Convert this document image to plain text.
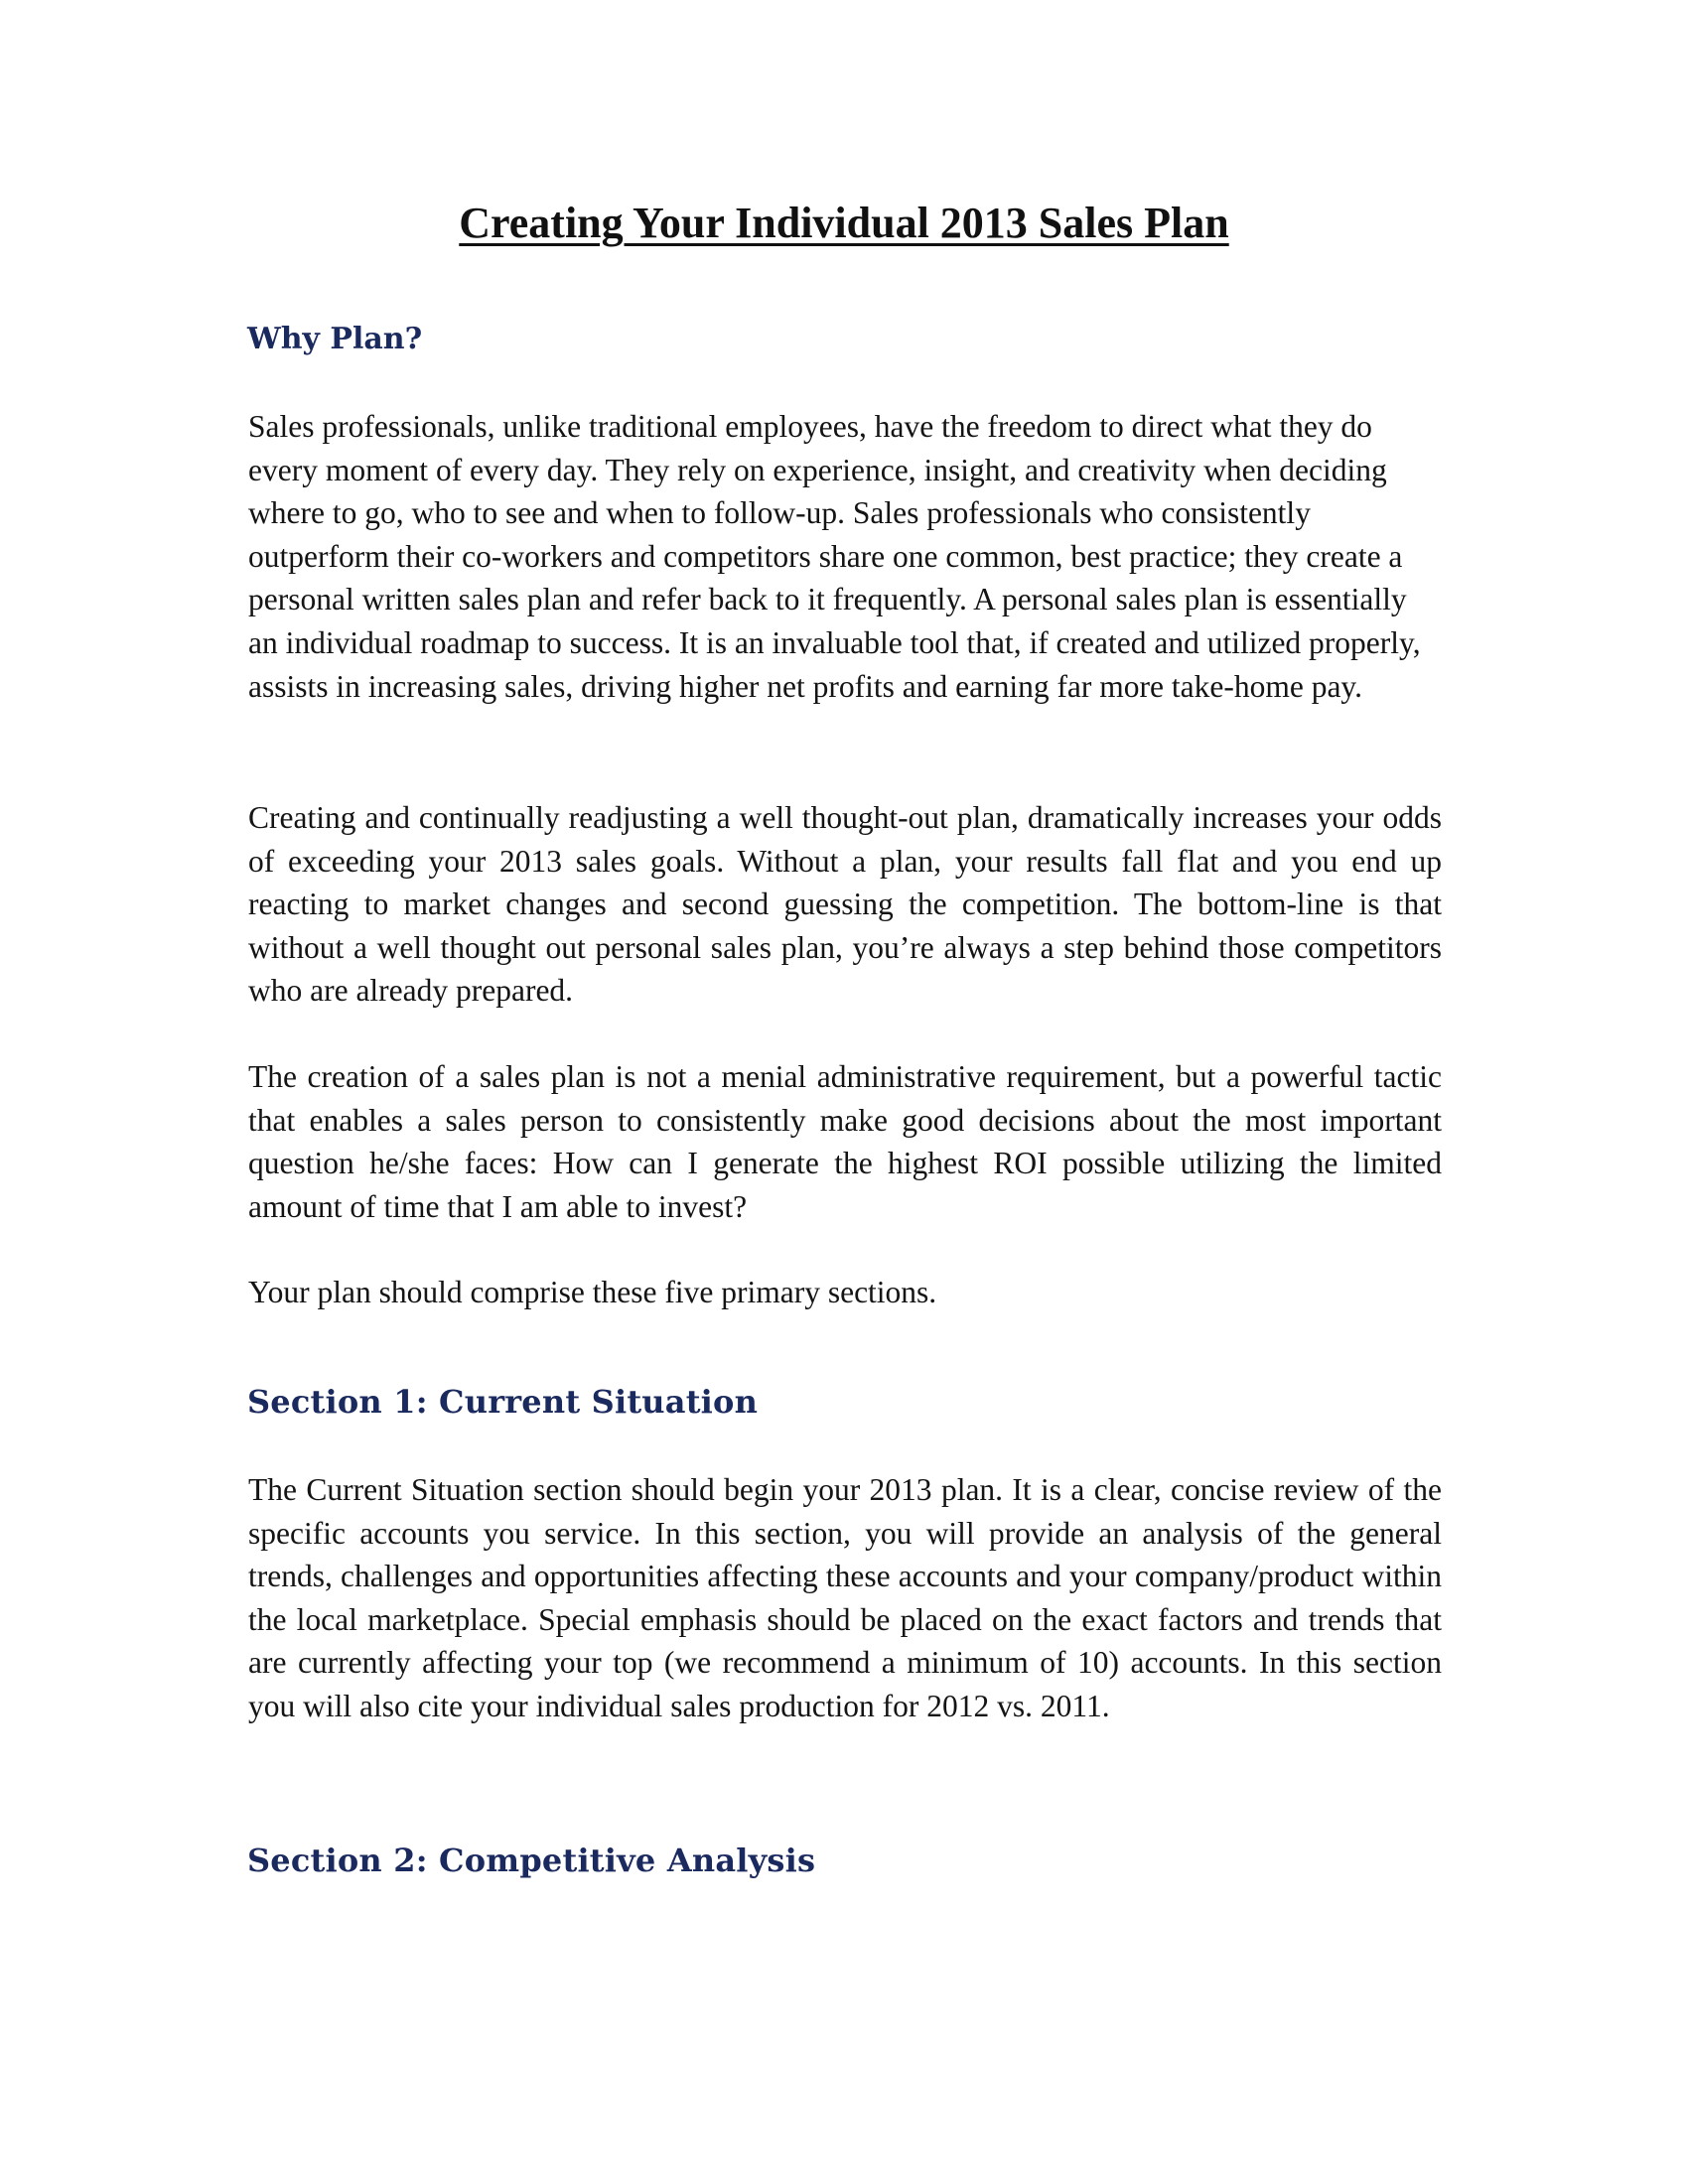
Creating Your Individual 2013 Sales Plan
Why Plan?

Sales professionals, unlike traditional employees, have the freedom to direct what they do every moment of every day. They rely on experience, insight, and creativity when deciding where to go, who to see and when to follow-up. Sales professionals who consistently outperform their co-workers and competitors share one common, best practice; they create a personal written sales plan and refer back to it frequently. A personal sales plan is essentially an individual roadmap to success. It is an invaluable tool that, if created and utilized properly, assists in increasing sales, driving higher net profits and earning far more take-home pay.

Creating and continually readjusting a well thought-out plan, dramatically increases your odds of exceeding your 2013 sales goals. Without a plan, your results fall flat and you end up reacting to market changes and second guessing the competition. The bottom-line is that without a well thought out personal sales plan, you’re always a step behind those competitors who are already prepared.

The creation of a sales plan is not a menial administrative requirement, but a powerful tactic that enables a sales person to consistently make good decisions about the most important question he/she faces: How can I generate the highest ROI possible utilizing the limited amount of time that I am able to invest?

Your plan should comprise these five primary sections.

Section 1: Current Situation

The Current Situation section should begin your 2013 plan. It is a clear, concise review of the specific accounts you service. In this section, you will provide an analysis of the general trends, challenges and opportunities affecting these accounts and your company/product within the local marketplace. Special emphasis should be placed on the exact factors and trends that are currently affecting your top (we recommend a minimum of 10) accounts. In this section you will also cite your individual sales production for 2012 vs. 2011.

Section 2: Competitive Analysis
